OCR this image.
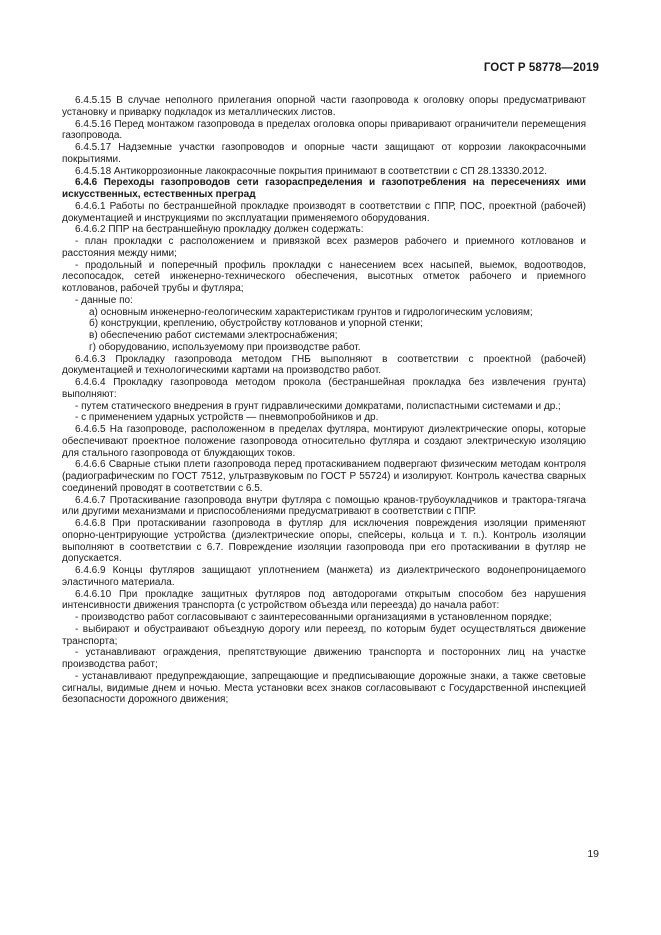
ГОСТ Р 58778—2019

6.4.5.15 В случае неполного прилегания опорной части газопровода к оголовку опоры предусматривают установку и приварку подкладок из металлических листов.

6.4.5.16 Перед монтажом газопровода в пределах оголовка опоры приваривают ограничители перемещения газопровода.

6.4.5.17 Надземные участки газопроводов и опорные части защищают от коррозии лакокрасочными покрытиями.

6.4.5.18 Антикоррозионные лакокрасочные покрытия принимают в соответствии с СП 28.13330.2012.

6.4.6 Переходы газопроводов сети газораспределения и газопотребления на пересечениях ими искусственных, естественных преград

6.4.6.1 Работы по бестраншейной прокладке производят в соответствии с ППР, ПОС, проектной (рабочей) документацией и инструкциями по эксплуатации применяемого оборудования.

6.4.6.2 ППР на бестраншейную прокладку должен содержать:

- план прокладки с расположением и привязкой всех размеров рабочего и приемного котлованов и расстояния между ними;

- продольный и поперечный профиль прокладки с нанесением всех насыпей, выемок, водоотводов, лесопосадок, сетей инженерно-технического обеспечения, высотных отметок рабочего и приемного котлованов, рабочей трубы и футляра;

- данные по:

а) основным инженерно-геологическим характеристикам грунтов и гидрологическим условиям;

б) конструкции, креплению, обустройству котлованов и упорной стенки;

в) обеспечению работ системами электроснабжения;

г) оборудованию, используемому при производстве работ.

6.4.6.3 Прокладку газопровода методом ГНБ выполняют в соответствии с проектной (рабочей) документацией и технологическими картами на производство работ.

6.4.6.4 Прокладку газопровода методом прокола (бестраншейная прокладка без извлечения грунта) выполняют:

- путем статического внедрения в грунт гидравлическими домкратами, полиспастными системами и др.;

- с применением ударных устройств — пневмопробойников и др.

6.4.6.5 На газопроводе, расположенном в пределах футляра, монтируют диэлектрические опоры, которые обеспечивают проектное положение газопровода относительно футляра и создают электрическую изоляцию для стального газопровода от блуждающих токов.

6.4.6.6 Сварные стыки плети газопровода перед протаскиванием подвергают физическим методам контроля (радиографическим по ГОСТ 7512, ультразвуковым по ГОСТ Р 55724) и изолируют. Контроль качества сварных соединений проводят в соответствии с 6.5.

6.4.6.7 Протаскивание газопровода внутри футляра с помощью кранов-трубоукладчиков и трактора-тягача или другими механизмами и приспособлениями предусматривают в соответствии с ППР.

6.4.6.8 При протаскивании газопровода в футляр для исключения повреждения изоляции применяют опорно-центрирующие устройства (диэлектрические опоры, спейсеры, кольца и т. п.). Контроль изоляции выполняют в соответствии с 6.7. Повреждение изоляции газопровода при его протаскивании в футляр не допускается.

6.4.6.9 Концы футляров защищают уплотнением (манжета) из диэлектрического водонепроницаемого эластичного материала.

6.4.6.10 При прокладке защитных футляров под автодорогами открытым способом без нарушения интенсивности движения транспорта (с устройством объезда или переезда) до начала работ:

- производство работ согласовывают с заинтересованными организациями в установленном порядке;

- выбирают и обустраивают объездную дорогу или переезд, по которым будет осуществляться движение транспорта;

- устанавливают ограждения, препятствующие движению транспорта и посторонних лиц на участке производства работ;

- устанавливают предупреждающие, запрещающие и предписывающие дорожные знаки, а также световые сигналы, видимые днем и ночью. Места установки всех знаков согласовывают с Государственной инспекцией безопасности дорожного движения;

19
